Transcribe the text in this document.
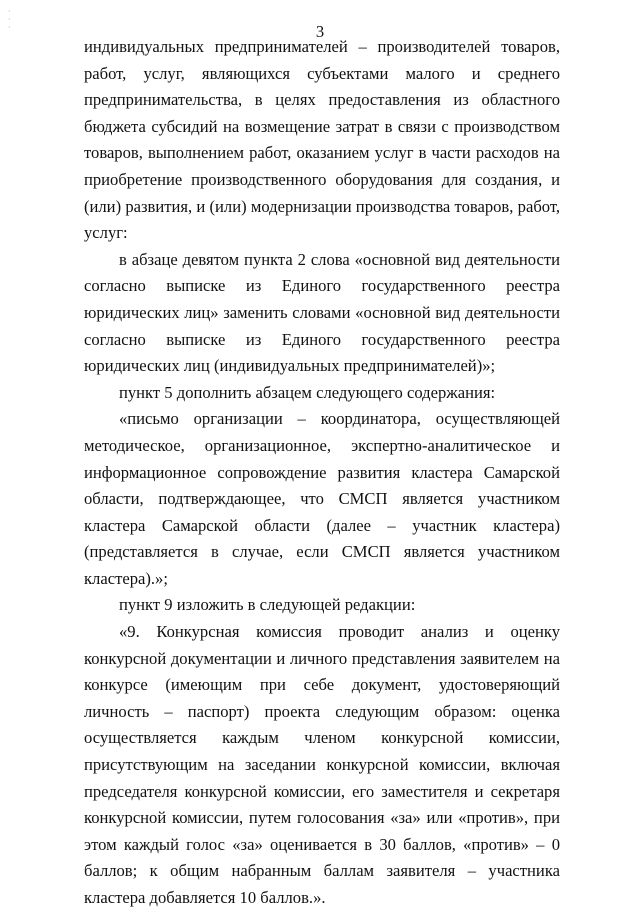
·
·
·	3

индивидуальных предпринимателей – производителей товаров, работ, услуг, являющихся субъектами малого и среднего предпринимательства, в целях предоставления из областного бюджета субсидий на возмещение затрат в связи с производством товаров, выполнением работ, оказанием услуг в части расходов на приобретение производственного оборудования для создания, и (или) развития, и (или) модернизации производства товаров, работ, услуг:

в абзаце девятом пункта 2 слова «основной вид деятельности согласно выписке из Единого государственного реестра юридических лиц» заменить словами «основной вид деятельности согласно выписке из Единого государственного реестра юридических лиц (индивидуальных предпринимателей)»;

пункт 5 дополнить абзацем следующего содержания:

«письмо организации – координатора, осуществляющей методическое, организационное, экспертно-аналитическое и информационное сопровождение развития кластера Самарской области, подтверждающее, что СМСП является участником кластера Самарской области (далее – участник кластера) (представляется в случае, если СМСП является участником кластера).»;

пункт 9 изложить в следующей редакции:

«9. Конкурсная комиссия проводит анализ и оценку конкурсной документации и личного представления заявителем на конкурсе (имеющим при себе документ, удостоверяющий личность – паспорт) проекта следующим образом: оценка осуществляется каждым членом конкурсной комиссии, присутствующим на заседании конкурсной комиссии, включая председателя конкурсной комиссии, его заместителя и секретаря конкурсной комиссии, путем голосования «за» или «против», при этом каждый голос «за» оценивается в 30 баллов, «против» – 0 баллов; к общим набранным баллам заявителя – участника кластера добавляется 10 баллов.».
